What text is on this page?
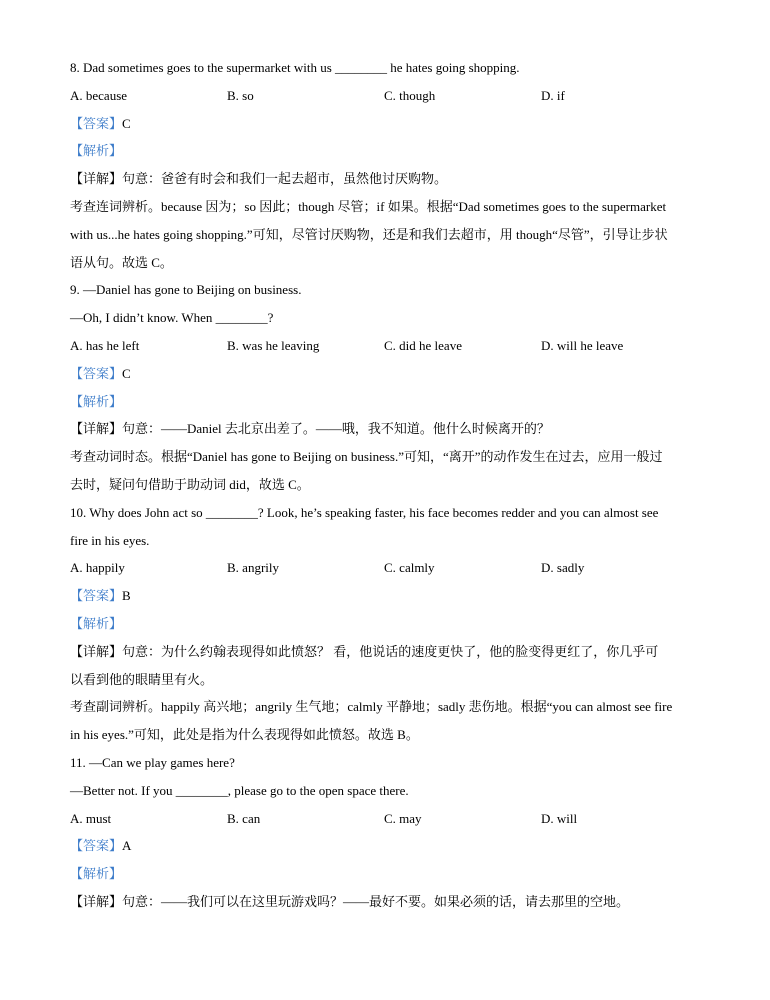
8. Dad sometimes goes to the supermarket with us ________ he hates going shopping.
A. because	B. so	C. though	D. if
【答案】C
【解析】
【详解】句意：爸爸有时会和我们一起去超市，虽然他讨厌购物。
考查连词辨析。because 因为；so 因此；though 尽管；if 如果。根据“Dad sometimes goes to the supermarket
with us...he hates going shopping.”可知，尽管讨厌购物，还是和我们去超市，用 though“尽管”，引导让步状
语从句。故选 C。
9. —Daniel has gone to Beijing on business.
—Oh, I didn’t know. When ________?
A. has he left	B. was he leaving	C. did he leave	D. will he leave
【答案】C
【解析】
【详解】句意：——Daniel 去北京出差了。——哦，我不知道。他什么时候离开的？
考查动词时态。根据“Daniel has gone to Beijing on business.”可知，“离开”的动作发生在过去，应用一般过
去时，疑问句借助于助动词 did，故选 C。
10. Why does John act so ________? Look, he’s speaking faster, his face becomes redder and you can almost see
fire in his eyes.
A. happily	B. angrily	C. calmly	D. sadly
【答案】B
【解析】
【详解】句意：为什么约翰表现得如此愤怒？ 看，他说话的速度更快了，他的脸变得更红了，你几乎可
以看到他的眼睛里有火。
考查副词辨析。happily 高兴地；angrily 生气地；calmly 平静地；sadly 悲伤地。根据“you can almost see fire
in his eyes.”可知，此处是指为什么表现得如此愤怒。故选 B。
11. —Can we play games here?
—Better not. If you ________, please go to the open space there.
A. must	B. can	C. may	D. will
【答案】A
【解析】
【详解】句意：——我们可以在这里玩游戏吗？——最好不要。如果必须的话，请去那里的空地。
